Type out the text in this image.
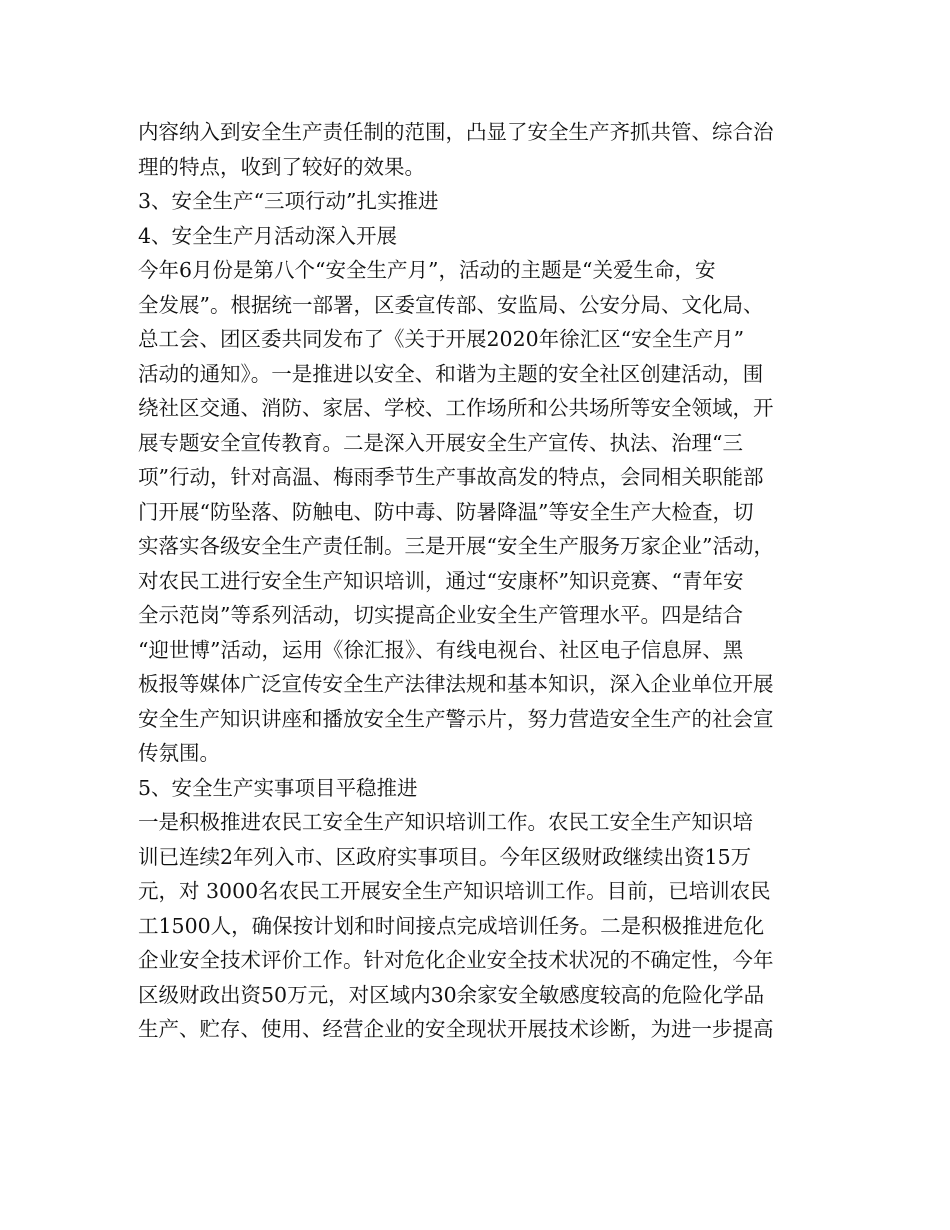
内容纳入到安全生产责任制的范围，凸显了安全生产齐抓共管、综合治
理的特点，收到了较好的效果。
3、安全生产“三项行动”扎实推进
4、安全生产月活动深入开展
今年6月份是第八个“安全生产月”，活动的主题是“关爱生命，安
全发展”。根据统一部署，区委宣传部、安监局、公安分局、文化局、
总工会、团区委共同发布了《关于开展2020年徐汇区“安全生产月”
活动的通知》。一是推进以安全、和谐为主题的安全社区创建活动，围
绕社区交通、消防、家居、学校、工作场所和公共场所等安全领域，开
展专题安全宣传教育。二是深入开展安全生产宣传、执法、治理“三
项”行动，针对高温、梅雨季节生产事故高发的特点，会同相关职能部
门开展“防坠落、防触电、防中毒、防暑降温”等安全生产大检查，切
实落实各级安全生产责任制。三是开展“安全生产服务万家企业”活动，
对农民工进行安全生产知识培训，通过“安康杯”知识竞赛、“青年安
全示范岗”等系列活动，切实提高企业安全生产管理水平。四是结合
“迎世博”活动，运用《徐汇报》、有线电视台、社区电子信息屏、黑
板报等媒体广泛宣传安全生产法律法规和基本知识，深入企业单位开展
安全生产知识讲座和播放安全生产警示片，努力营造安全生产的社会宣
传氛围。
5、安全生产实事项目平稳推进
一是积极推进农民工安全生产知识培训工作。农民工安全生产知识培
训已连续2年列入市、区政府实事项目。今年区级财政继续出资15万
元，对 3000名农民工开展安全生产知识培训工作。目前，已培训农民
工1500人，确保按计划和时间接点完成培训任务。二是积极推进危化
企业安全技术评价工作。针对危化企业安全技术状况的不确定性，今年
区级财政出资50万元，对区域内30余家安全敏感度较高的危险化学品
生产、贮存、使用、经营企业的安全现状开展技术诊断，为进一步提高
